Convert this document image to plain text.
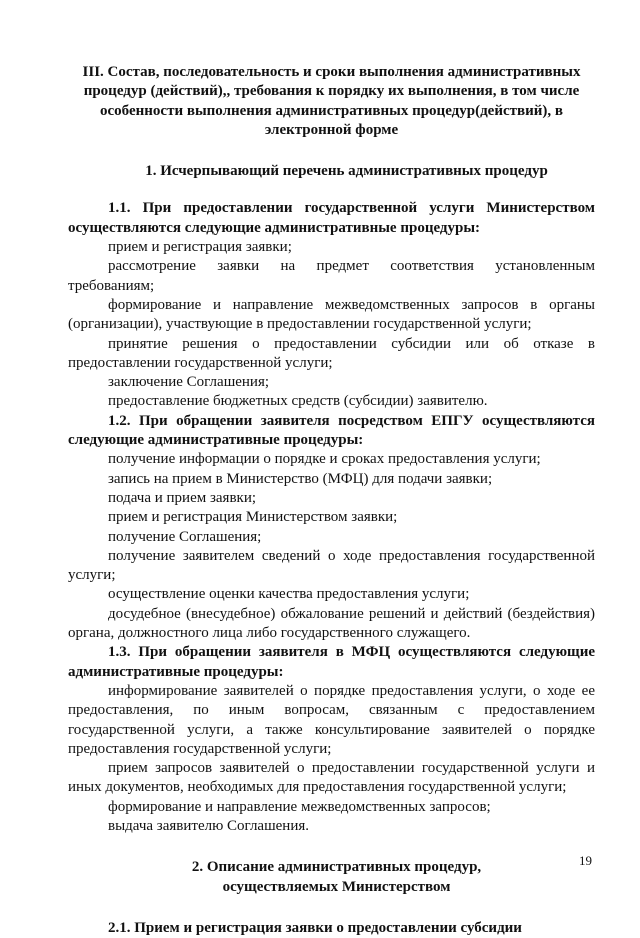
III. Состав, последовательность и сроки выполнения административных процедур (действий),, требования к порядку их выполнения, в том числе особенности выполнения административных процедур(действий), в электронной форме
1. Исчерпывающий перечень административных процедур

1.1. При предоставлении государственной услуги Министерством осуществляются следующие административные процедуры:

прием и регистрация заявки;

рассмотрение заявки на предмет соответствия установленным требованиям;

формирование и направление межведомственных запросов в органы (организации), участвующие в предоставлении государственной услуги;

принятие решения о предоставлении субсидии или об отказе в предоставлении государственной услуги;

заключение Соглашения;

предоставление бюджетных средств (субсидии) заявителю.

1.2. При обращении заявителя посредством ЕПГУ осуществляются следующие административные процедуры:

получение информации о порядке и сроках предоставления услуги;

запись на прием в Министерство (МФЦ) для подачи заявки;

подача и прием заявки;

прием и регистрация Министерством заявки;

получение Соглашения;

получение заявителем сведений о ходе предоставления государственной услуги;

осуществление оценки качества предоставления услуги;

досудебное (внесудебное) обжалование решений и действий (бездействия) органа, должностного лица либо государственного служащего.

1.3. При обращении заявителя в МФЦ осуществляются следующие административные процедуры:

информирование заявителей о порядке предоставления услуги, о ходе ее предоставления, по иным вопросам, связанным с предоставлением государственной услуги, а также консультирование заявителей о порядке предоставления государственной услуги;

прием запросов заявителей о предоставлении государственной услуги и иных документов, необходимых для предоставления государственной услуги;

формирование и направление межведомственных запросов;

выдача заявителю Соглашения.

2. Описание административных процедур, осуществляемых Министерством

2.1. Прием и регистрация заявки о предоставлении субсидии

19
